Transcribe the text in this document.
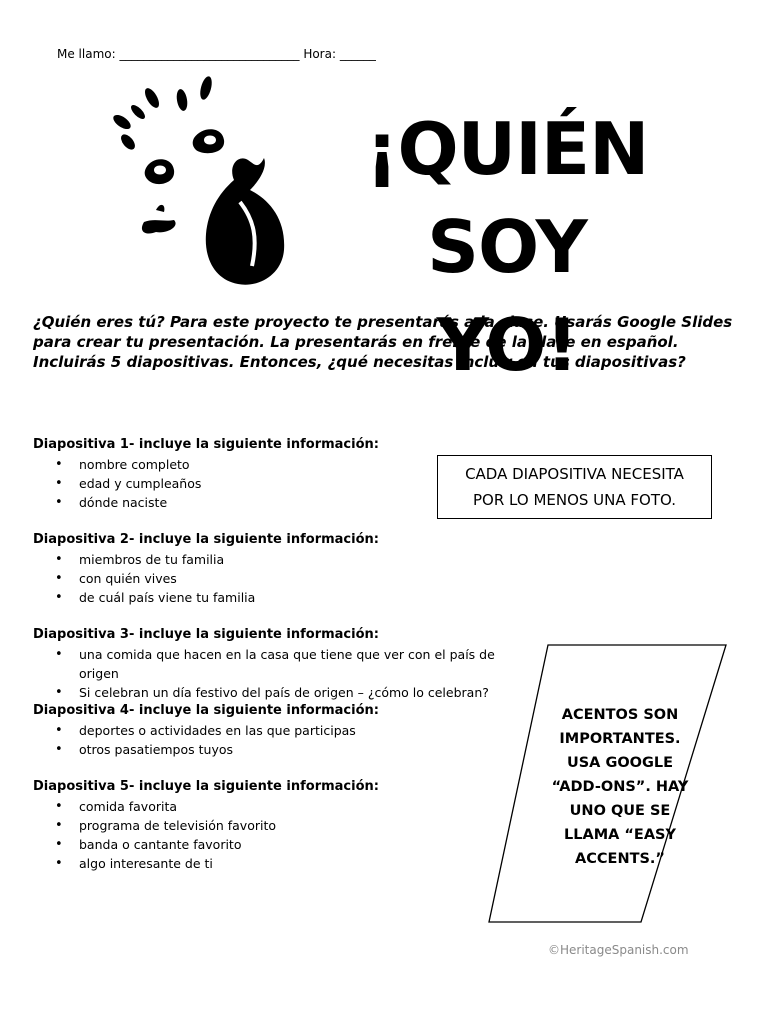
Me llamo: ______________________________ Hora: ______
¡QUIÉN
SOY YO!
¿Quién eres tú? Para este proyecto te presentarás a la clase. Usarás Google Slides para crear tu presentación. La presentarás en frente de la clase en español. Incluirás 5 diapositivas. Entonces, ¿qué necesitas incluir en tus diapositivas?
Diapositiva 1- incluye la siguiente información:
• nombre completo
• edad y cumpleaños
• dónde naciste
Diapositiva 2- incluye la siguiente información:
• miembros de tu familia
• con quién vives
• de cuál país viene tu familia
Diapositiva 3- incluye la siguiente información:
• una comida que hacen en la casa que tiene que ver con el país de origen
• Si celebran un día festivo del país de origen – ¿cómo lo celebran?
Diapositiva 4- incluye la siguiente información:
• deportes o actividades en las que participas
• otros pasatiempos tuyos
Diapositiva 5- incluye la siguiente información:
• comida favorita
• programa de televisión favorito
• banda o cantante favorito
• algo interesante de ti
CADA DIAPOSITIVA NECESITA
POR LO MENOS UNA FOTO.
ACENTOS SON
IMPORTANTES.
USA GOOGLE
“ADD-ONS”. HAY
UNO QUE SE
LLAMA “EASY
ACCENTS.”
©HeritageSpanish.com
